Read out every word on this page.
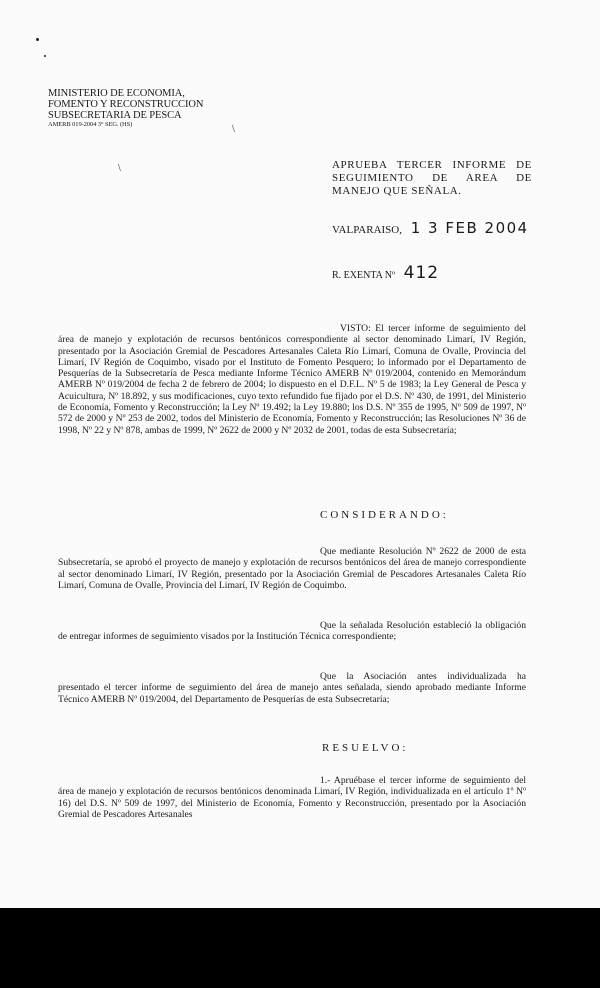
MINISTERIO DE ECONOMIA,
FOMENTO Y RECONSTRUCCION
SUBSECRETARIA DE PESCA
AMERB 019-2004 3° SEG. (HS)
\
\
APRUEBA TERCER INFORME DE SEGUIMIENTO DE AREA DE MANEJO QUE SEÑALA.
VALPARAISO, 1 3 FEB 2004
R. EXENTA Nº 412
VISTO: El tercer informe de seguimiento del área de manejo y explotación de recursos bentónicos correspondiente al sector denominado Limarí, IV Región, presentado por la Asociación Gremial de Pescadores Artesanales Caleta Río Limarí, Comuna de Ovalle, Provincia del Limarí, IV Región de Coquimbo, visado por el Instituto de Fomento Pesquero; lo informado por el Departamento de Pesquerías de la Subsecretaría de Pesca mediante Informe Técnico AMERB Nº 019/2004, contenido en Memorándum AMERB Nº 019/2004 de fecha 2 de febrero de 2004; lo dispuesto en el D.F.L. Nº 5 de 1983; la Ley General de Pesca y Acuicultura, Nº 18.892, y sus modificaciones, cuyo texto refundido fue fijado por el D.S. Nº 430, de 1991, del Ministerio de Economía, Fomento y Reconstrucción; la Ley Nº 19.492; la Ley 19.880; los D.S. Nº 355 de 1995, Nº 509 de 1997, Nº 572 de 2000 y Nº 253 de 2002, todos del Ministerio de Economía, Fomento y Reconstrucción; las Resoluciones Nº 36 de 1998, Nº 22 y Nº 878, ambas de 1999, Nº 2622 de 2000 y Nº 2032 de 2001, todas de esta Subsecretaría;
CONSIDERANDO:
Que mediante Resolución Nº 2622 de 2000 de esta Subsecretaría, se aprobó el proyecto de manejo y explotación de recursos bentónicos del área de manejo correspondiente al sector denominado Limarí, IV Región, presentado por la Asociación Gremial de Pescadores Artesanales Caleta Río Limarí, Comuna de Ovalle, Provincia del Limarí, IV Región de Coquimbo.
Que la señalada Resolución estableció la obligación de entregar informes de seguimiento visados por la Institución Técnica correspondiente;
Que la Asociación antes individualizada ha presentado el tercer informe de seguimiento del área de manejo antes señalada, siendo aprobado mediante Informe Técnico AMERB Nº 019/2004, del Departamento de Pesquerías de esta Subsecretaría;
RESUELVO:
1.- Apruébase el tercer informe de seguimiento del área de manejo y explotación de recursos bentónicos denominada Limarí, IV Región, individualizada en el artículo 1º Nº 16) del D.S. Nº 509 de 1997, del Ministerio de Economía, Fomento y Reconstrucción, presentado por la Asociación Gremial de Pescadores Artesanales
